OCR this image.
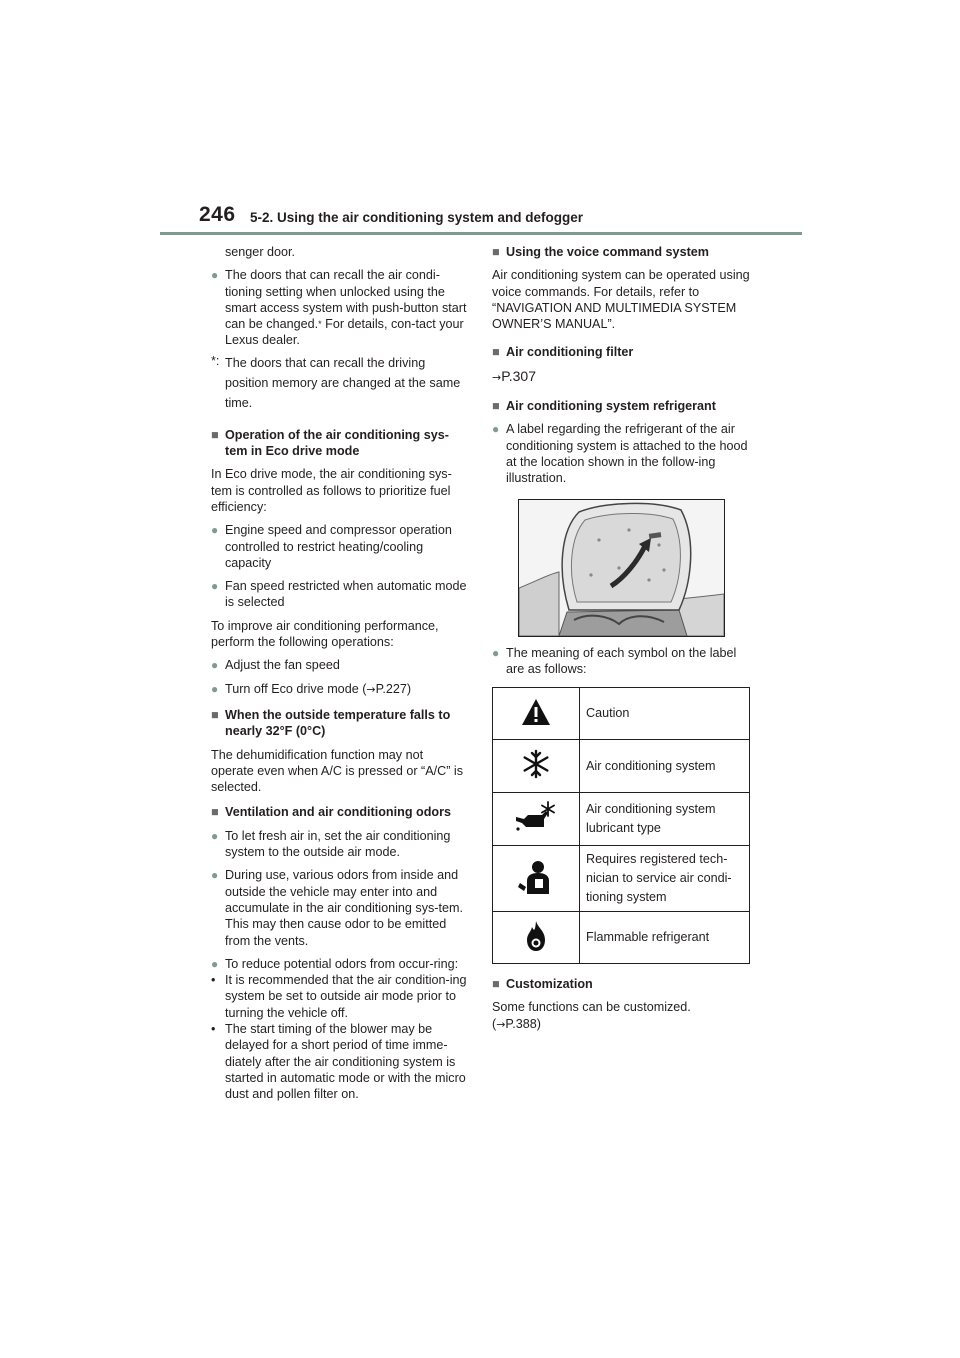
246 5-2. Using the air conditioning system and defogger

senger door.

● The doors that can recall the air condi-tioning setting when unlocked using the smart access system with push-button start can be changed.* For details, con-tact your Lexus dealer.
*: The doors that can recall the driving position memory are changed at the same time.
■ Operation of the air conditioning sys-tem in Eco drive mode

In Eco drive mode, the air conditioning sys-tem is controlled as follows to prioritize fuel efficiency:

● Engine speed and compressor operation controlled to restrict heating/cooling capacity
● Fan speed restricted when automatic mode is selected

To improve air conditioning performance, perform the following operations:

● Adjust the fan speed
● Turn off Eco drive mode (→P.227)
■ When the outside temperature falls to nearly 32°F (0°C)

The dehumidification function may not operate even when A/C is pressed or “A/C” is selected.

■ Ventilation and air conditioning odors
● To let fresh air in, set the air conditioning system to the outside air mode.
● During use, various odors from inside and outside the vehicle may enter into and accumulate in the air conditioning sys-tem. This may then cause odor to be emitted from the vents.
● To reduce potential odors from occur-ring:
• It is recommended that the air condition-ing system be set to outside air mode prior to turning the vehicle off.
• The start timing of the blower may be delayed for a short period of time imme-diately after the air conditioning system is started in automatic mode or with the micro dust and pollen filter on.
■ Using the voice command system

Air conditioning system can be operated using voice commands. For details, refer to “NAVIGATION AND MULTIMEDIA SYSTEM OWNER’S MANUAL”.

■ Air conditioning filter

→P.307

■ Air conditioning system refrigerant
● A label regarding the refrigerant of the air conditioning system is attached to the hood at the location shown in the follow-ing illustration.
● The meaning of each symbol on the label are as follows:
	Caution
	Air conditioning system
	Air conditioning system lubricant type
	Requires registered tech-nician to service air condi-tioning system
	Flammable refrigerant
■ Customization

Some functions can be customized.
(→P.388)
